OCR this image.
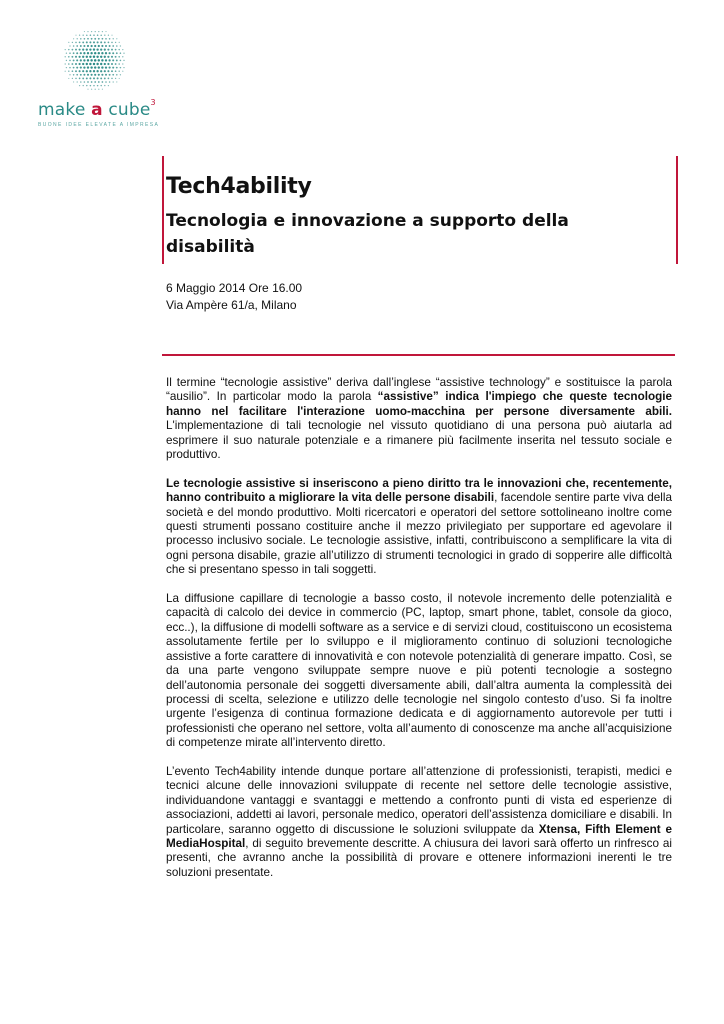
make a cube$^3$
BUONE IDEE ELEVATE A IMPRESA
Tech4ability
Tecnologia e innovazione a supporto della disabilità
6 Maggio 2014 Ore 16.00
Via Ampère 61/a, Milano

Il termine “tecnologie assistive” deriva dall’inglese “assistive technology” e sostituisce la parola “ausilio”. In particolar modo la parola “assistive” indica l'impiego che queste tecnologie hanno nel facilitare l'interazione uomo-macchina per persone diversamente abili. L'implementazione di tali tecnologie nel vissuto quotidiano di una persona può aiutarla ad esprimere il suo naturale potenziale e a rimanere più facilmente inserita nel tessuto sociale e produttivo.

Le tecnologie assistive si inseriscono a pieno diritto tra le innovazioni che, recentemente, hanno contribuito a migliorare la vita delle persone disabili, facendole sentire parte viva della società e del mondo produttivo. Molti ricercatori e operatori del settore sottolineano inoltre come questi strumenti possano costituire anche il mezzo privilegiato per supportare ed agevolare il processo inclusivo sociale. Le tecnologie assistive, infatti, contribuiscono a semplificare la vita di ogni persona disabile, grazie all’utilizzo di strumenti tecnologici in grado di sopperire alle difficoltà che si presentano spesso in tali soggetti.

La diffusione capillare di tecnologie a basso costo, il notevole incremento delle potenzialità e capacità di calcolo dei device in commercio (PC, laptop, smart phone, tablet, console da gioco, ecc..), la diffusione di modelli software as a service e di servizi cloud, costituiscono un ecosistema assolutamente fertile per lo sviluppo e il miglioramento continuo di soluzioni tecnologiche assistive a forte carattere di innovatività e con notevole potenzialità di generare impatto. Così, se da una parte vengono sviluppate sempre nuove e più potenti tecnologie a sostegno dell’autonomia personale dei soggetti diversamente abili, dall’altra aumenta la complessità dei processi di scelta, selezione e utilizzo delle tecnologie nel singolo contesto d’uso. Si fa inoltre urgente l’esigenza di continua formazione dedicata e di aggiornamento autorevole per tutti i professionisti che operano nel settore, volta all’aumento di conoscenze ma anche all’acquisizione di competenze mirate all’intervento diretto.

L’evento Tech4ability intende dunque portare all’attenzione di professionisti, terapisti, medici e tecnici alcune delle innovazioni sviluppate di recente nel settore delle tecnologie assistive, individuandone vantaggi e svantaggi e mettendo a confronto punti di vista ed esperienze di associazioni, addetti ai lavori, personale medico, operatori dell’assistenza domiciliare e disabili. In particolare, saranno oggetto di discussione le soluzioni sviluppate da Xtensa, Fifth Element e MediaHospital, di seguito brevemente descritte. A chiusura dei lavori sarà offerto un rinfresco ai presenti, che avranno anche la possibilità di provare e ottenere informazioni inerenti le tre soluzioni presentate.
